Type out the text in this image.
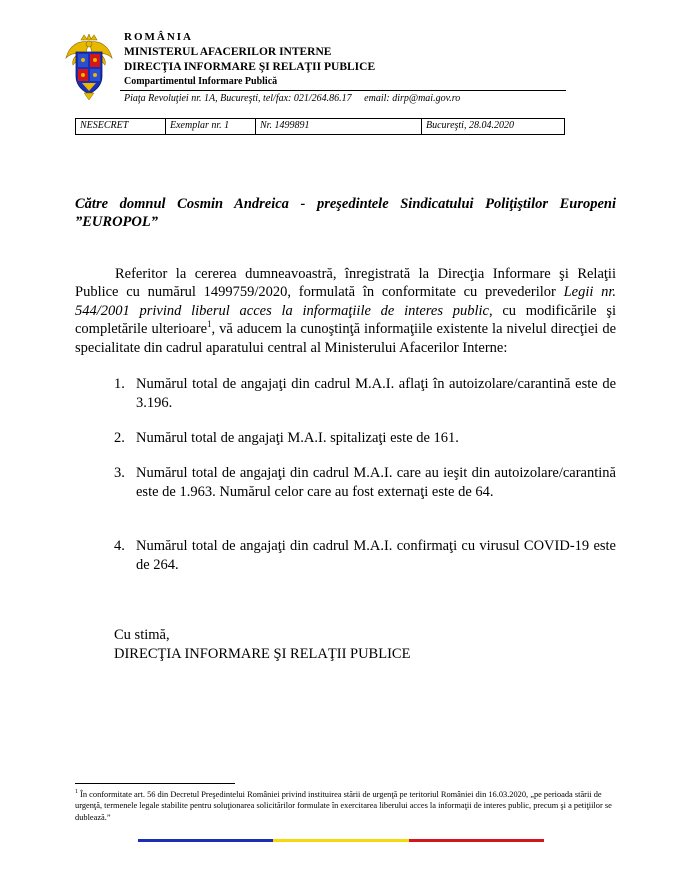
ROMÂNIA
MINISTERUL AFACERILOR INTERNE
DIRECŢIA INFORMARE ŞI RELAŢII PUBLICE
Compartimentul Informare Publică
Piaţa Revoluţiei nr. 1A, Bucureşti, tel/fax: 021/264.86.17 email: dirp@mai.gov.ro
NESECRET	Exemplar nr. 1	Nr. 1499891	Bucureşti, 28.04.2020
Către domnul Cosmin Andreica - preşedintele Sindicatului Poliţiştilor Europeni ”EUROPOL”
Referitor la cererea dumneavoastră, înregistrată la Direcţia Informare şi Relaţii Publice cu numărul 1499759/2020, formulată în conformitate cu prevederilor Legii nr. 544/2001 privind liberul acces la informaţiile de interes public, cu modificările şi completările ulterioare$^1$, vă aducem la cunoştinţă informaţiile existente la nivelul direcţiei de specialitate din cadrul aparatului central al Ministerului Afacerilor Interne:
1. Numărul total de angajaţi din cadrul M.A.I. aflaţi în autoizolare/carantină este de 3.196.
2. Numărul total de angajaţi M.A.I. spitalizaţi este de 161.
3. Numărul total de angajaţi din cadrul M.A.I. care au ieşit din autoizolare/carantină este de 1.963. Numărul celor care au fost externaţi este de 64.
4. Numărul total de angajaţi din cadrul M.A.I. confirmaţi cu virusul COVID-19 este de 264.
Cu stimă,
DIRECŢIA INFORMARE ŞI RELAŢII PUBLICE
$^1$ În conformitate art. 56 din Decretul Preşedintelui României privind instituirea stării de urgenţă pe teritoriul României din 16.03.2020, „pe perioada stării de urgenţă, termenele legale stabilite pentru soluţionarea solicitărilor formulate în exercitarea liberului acces la informaţii de interes public, precum şi a petiţiilor se dublează.”
